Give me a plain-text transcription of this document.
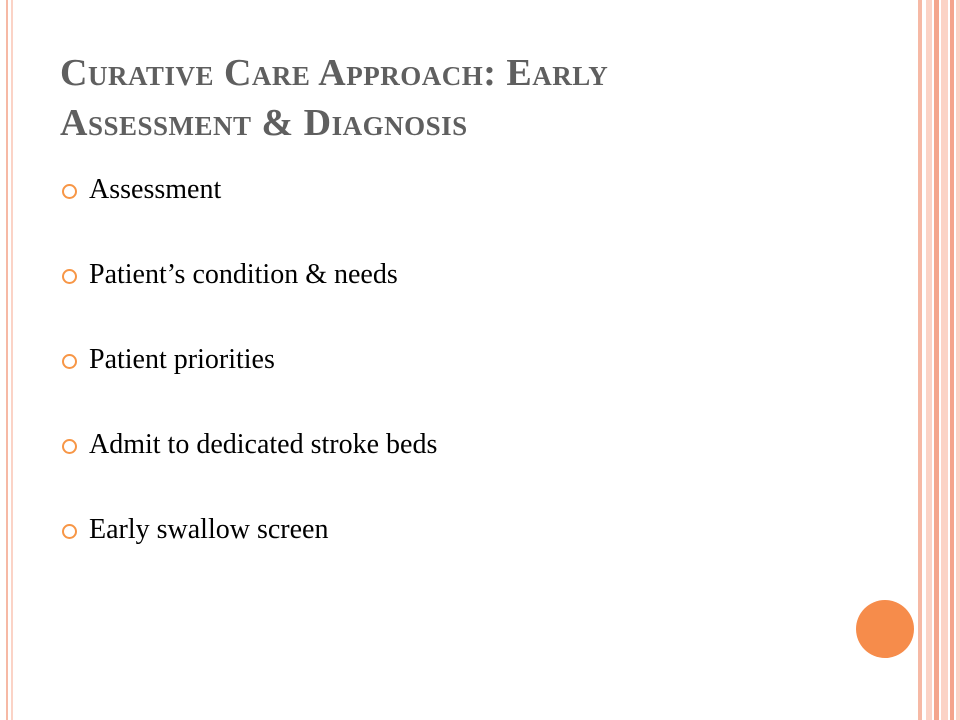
Curative Care Approach: Early
Assessment & Diagnosis
Assessment
Patient’s condition & needs
Patient priorities
Admit to dedicated stroke beds
Early swallow screen
